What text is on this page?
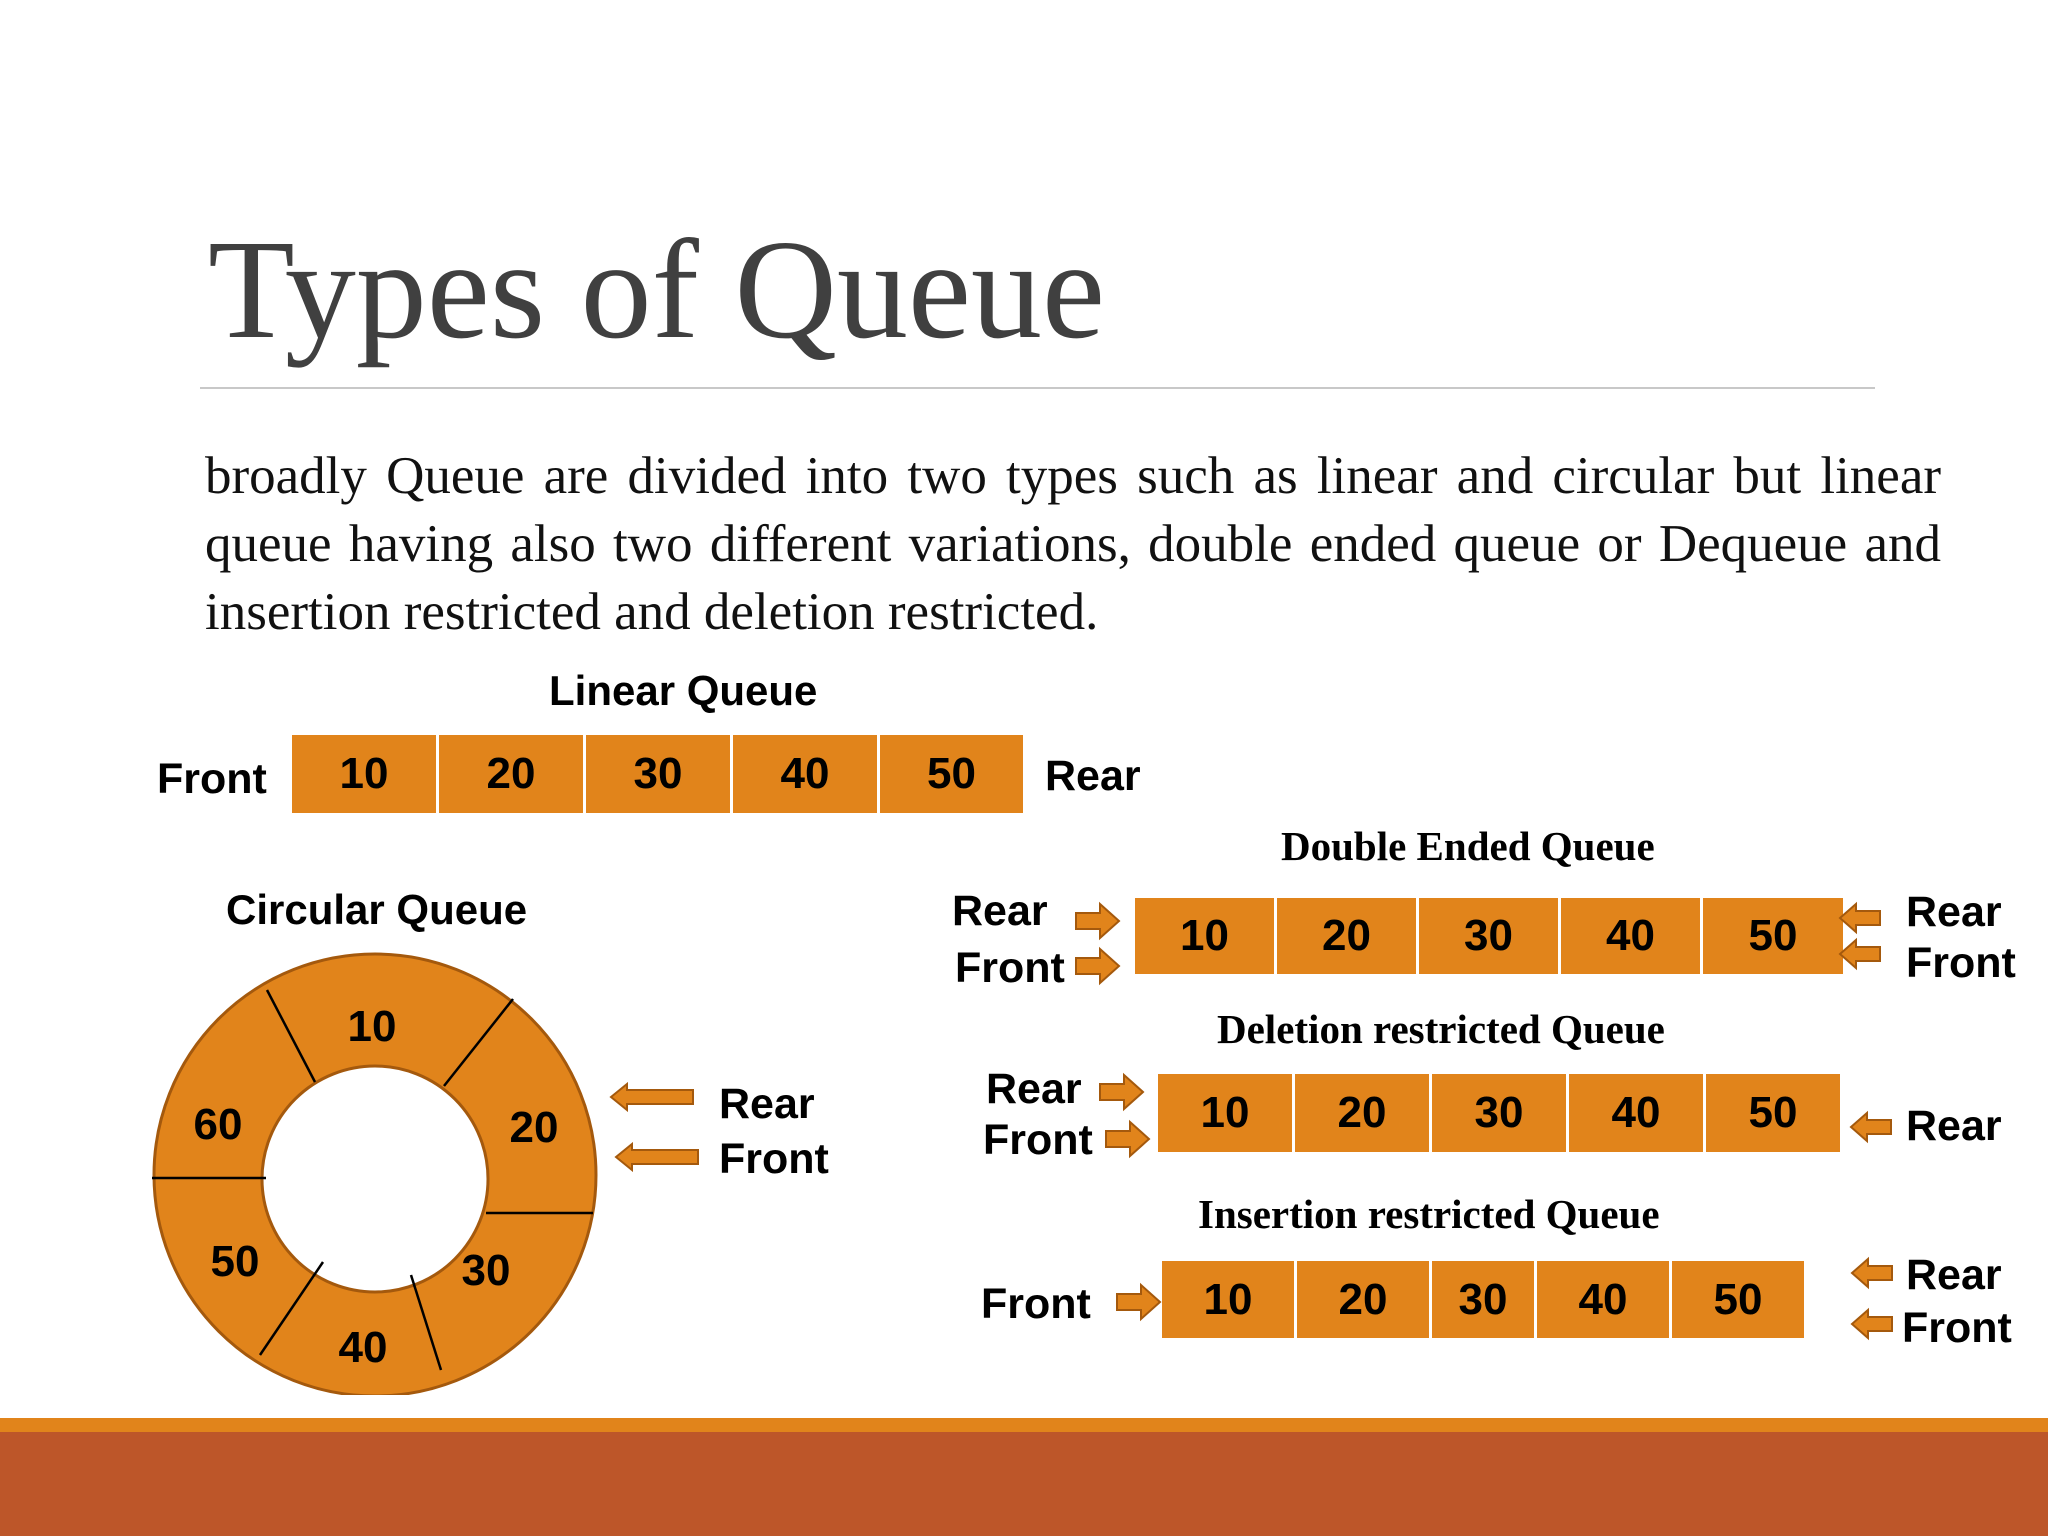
Types of Queue

broadly Queue are divided into two types such as linear and circular but linear queue having also two different variations, double ended queue or Dequeue and insertion restricted and deletion restricted.

Linear Queue
Front	10	20	30	40	50	Rear
Circular Queue
10
20
30
40
50
60	Rear
Front
Double Ended Queue
Rear
Front
10	20	30	40	50	Rear
Front
Deletion restricted Queue
Rear
Front
10	20	30	40	50	Rear
Insertion restricted Queue
Front	10	20	30	40	50	Rear
Front
